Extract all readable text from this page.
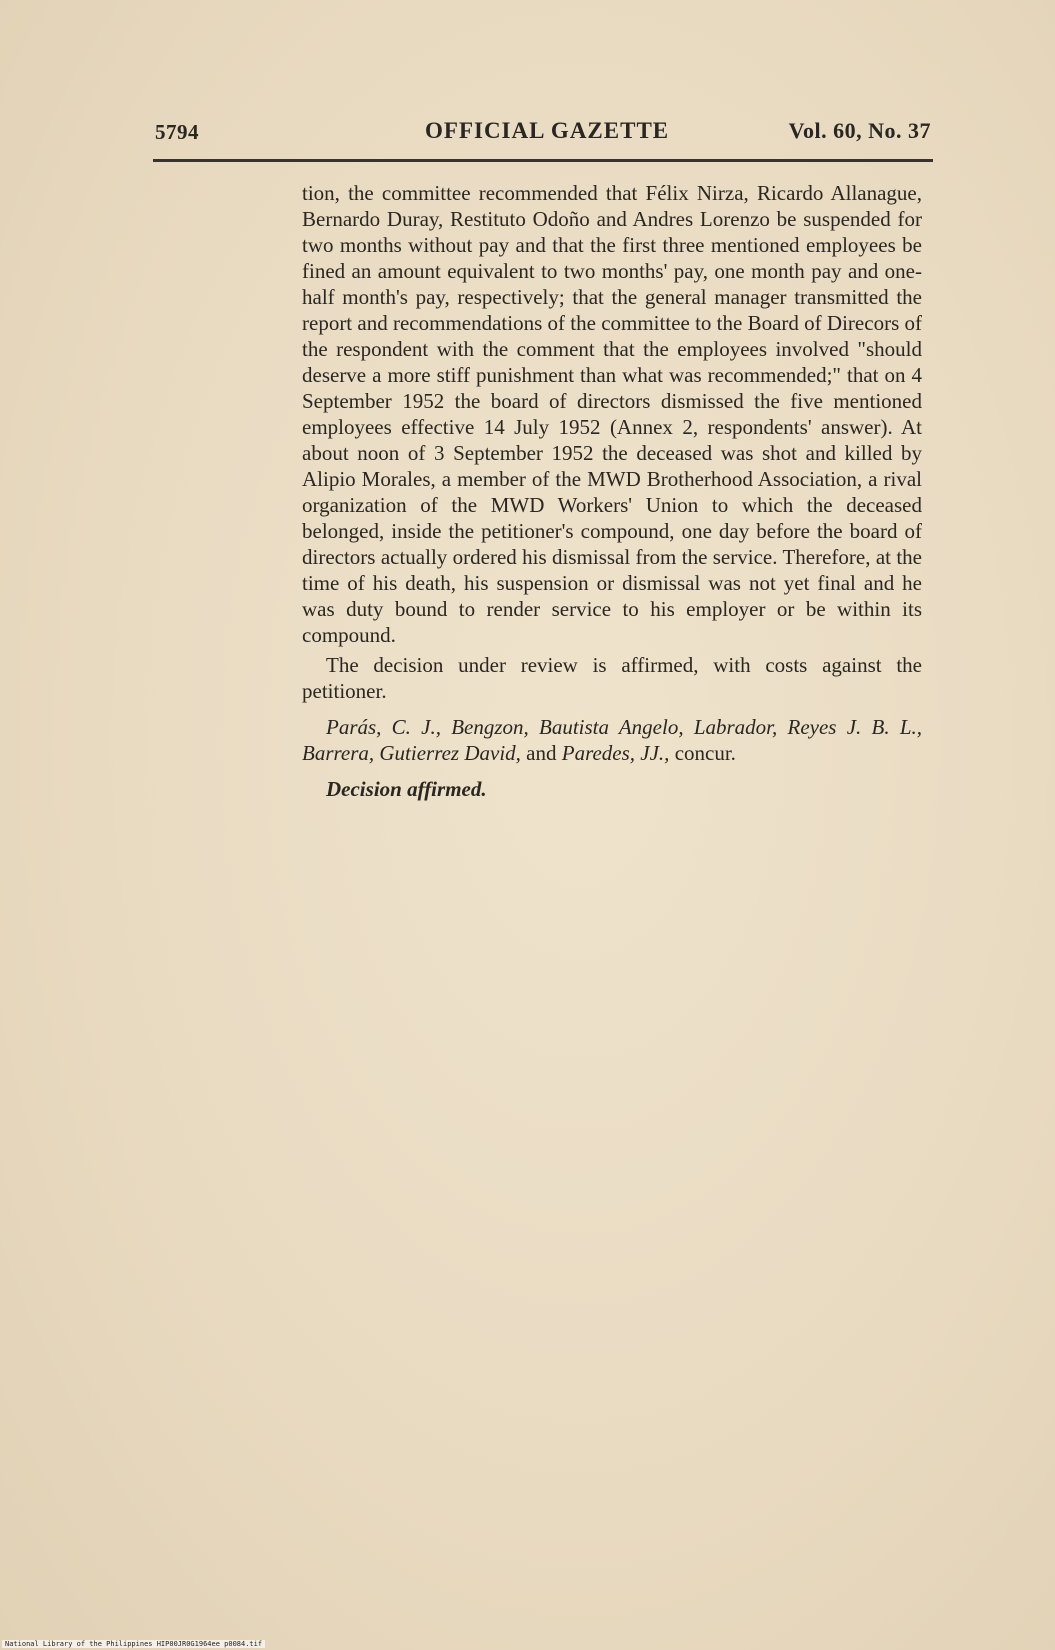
5794	OFFICIAL GAZETTE	Vol. 60, No. 37

tion, the committee recommended that Félix Nirza, Ricardo Allanague, Bernardo Duray, Restituto Odoño and Andres Lorenzo be suspended for two months without pay and that the first three mentioned employees be fined an amount equivalent to two months' pay, one month pay and one-half month's pay, respectively; that the general manager transmitted the report and recommendations of the committee to the Board of Direcors of the respondent with the comment that the employees involved "should deserve a more stiff punishment than what was recommended;" that on 4 September 1952 the board of directors dismissed the five mentioned employees effective 14 July 1952 (Annex 2, respondents' answer). At about noon of 3 September 1952 the deceased was shot and killed by Alipio Morales, a member of the MWD Brotherhood Association, a rival organization of the MWD Workers' Union to which the deceased belonged, inside the petitioner's compound, one day before the board of directors actually ordered his dismissal from the service. Therefore, at the time of his death, his suspension or dismissal was not yet final and he was duty bound to render service to his employer or be within its compound.

The decision under review is affirmed, with costs against the petitioner.

Parás, C. J., Bengzon, Bautista Angelo, Labrador, Reyes J. B. L., Barrera, Gutierrez David, and Paredes, JJ., concur.

Decision affirmed.

National Library of the Philippines HIP00JR0G1964ee p0084.tif
